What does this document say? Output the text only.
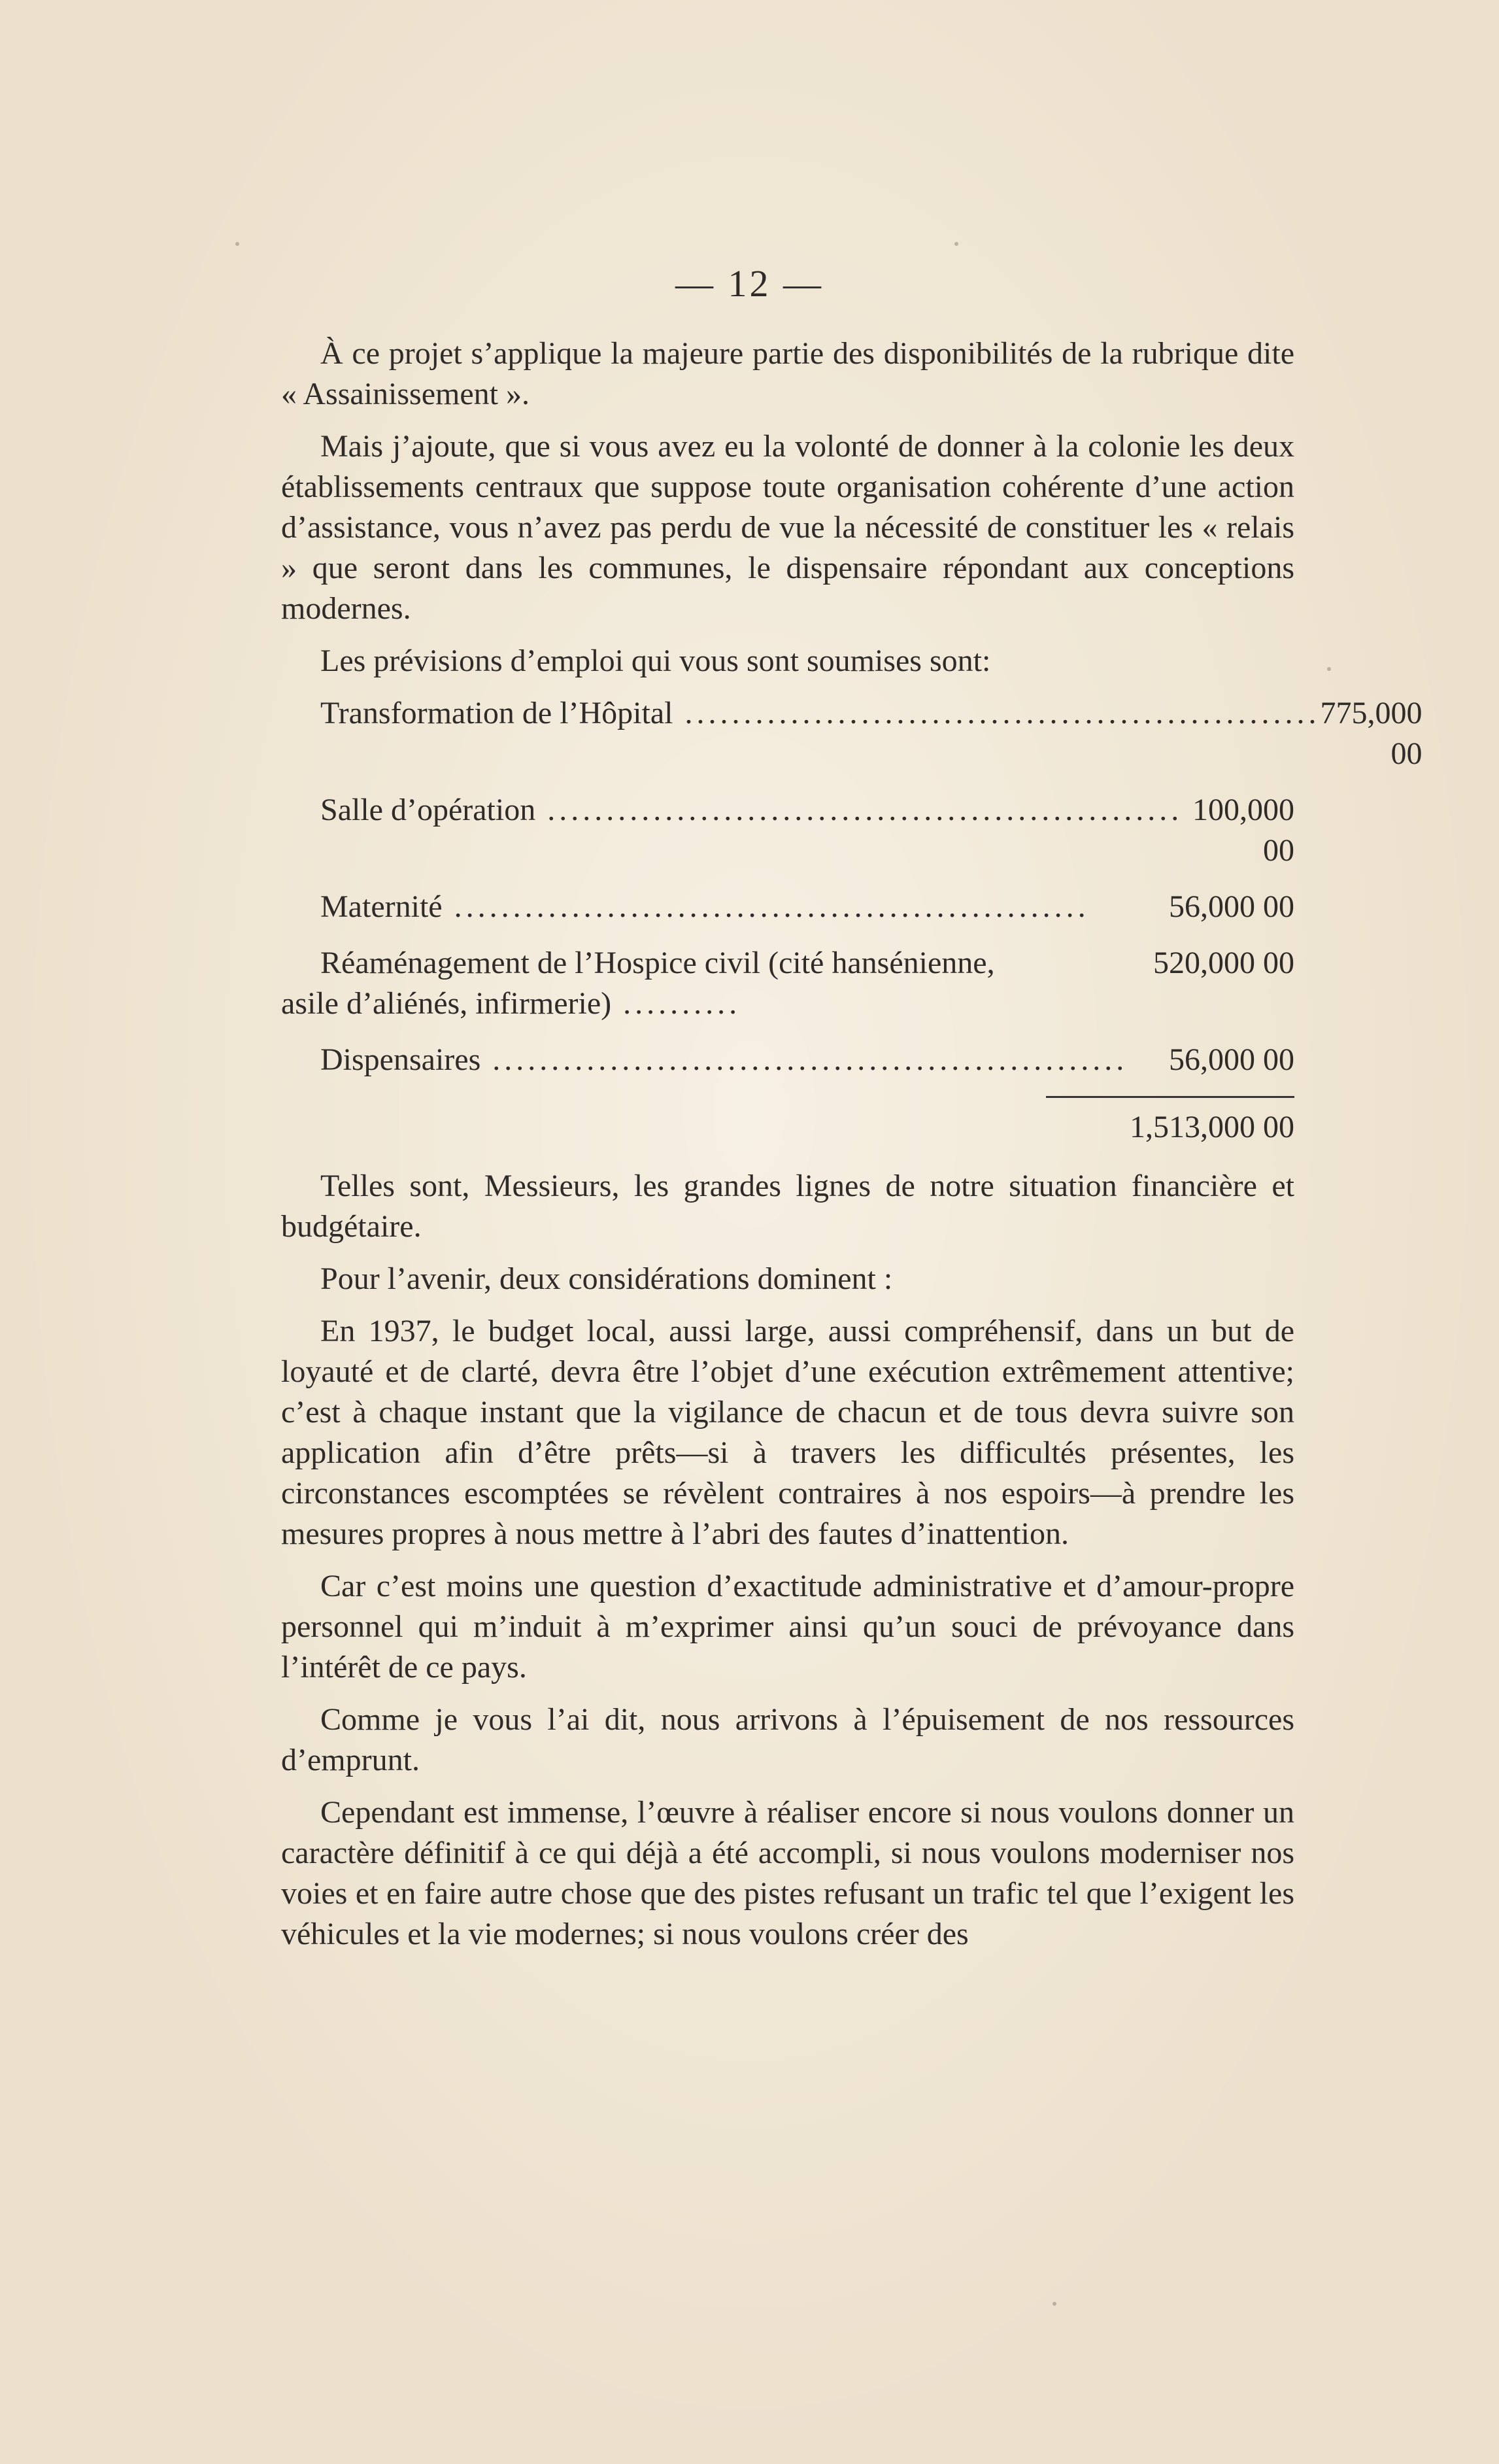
— 12 —

À ce projet s’applique la majeure partie des disponibilités de la rubrique dite « Assainissement ».

Mais j’ajoute, que si vous avez eu la volonté de donner à la colonie les deux établissements centraux que suppose toute organisation cohérente d’une action d’assistance, vous n’avez pas perdu de vue la nécessité de constituer les « relais » que seront dans les communes, le dispensaire répondant aux conceptions modernes.

Les prévisions d’emploi qui vous sont soumises sont:

Transformation de l’Hôpital ...................................................... 775,000 00
Salle d’opération ...................................................... 100,000 00
Maternité ......................................................	56,000 00
Réaménagement de l’Hospice civil (cité hansénienne, asile d’aliénés, infirmerie) ..........
520,000 00
Dispensaires ......................................................	56,000 00
1,513,000 00

Telles sont, Messieurs, les grandes lignes de notre situation financière et budgétaire.

Pour l’avenir, deux considérations dominent :

En 1937, le budget local, aussi large, aussi compréhensif, dans un but de loyauté et de clarté, devra être l’objet d’une exécution extrêmement attentive; c’est à chaque instant que la vigilance de chacun et de tous devra suivre son application afin d’être prêts—si à travers les difficultés présentes, les circonstances escomptées se révèlent contraires à nos espoirs—à prendre les mesures propres à nous mettre à l’abri des fautes d’inattention.

Car c’est moins une question d’exactitude administrative et d’amour-propre personnel qui m’induit à m’exprimer ainsi qu’un souci de prévoyance dans l’intérêt de ce pays.

Comme je vous l’ai dit, nous arrivons à l’épuisement de nos ressources d’emprunt.

Cependant est immense, l’œuvre à réaliser encore si nous voulons donner un caractère définitif à ce qui déjà a été accompli, si nous voulons moderniser nos voies et en faire autre chose que des pistes refusant un trafic tel que l’exigent les véhicules et la vie modernes; si nous voulons créer des
